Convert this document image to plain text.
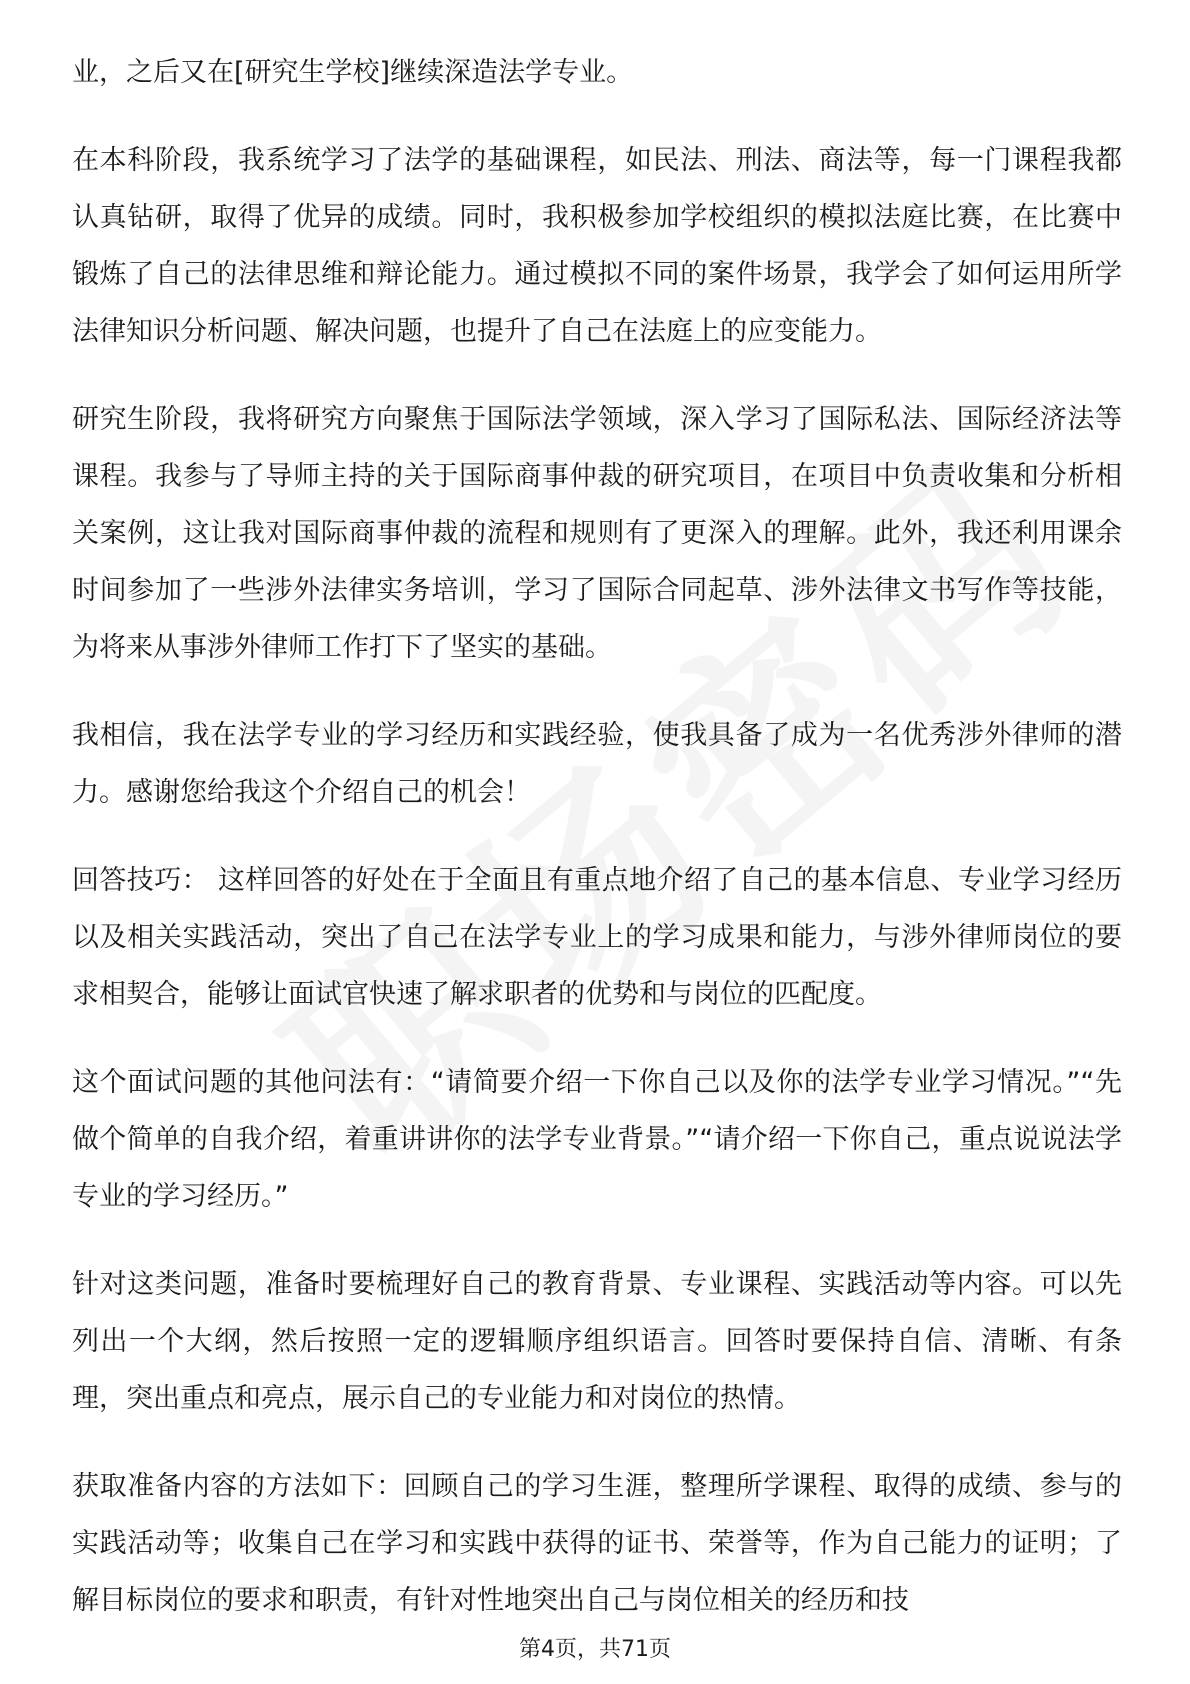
业，之后又在[研究生学校]继续深造法学专业。

在本科阶段，我系统学习了法学的基础课程，如民法、刑法、商法等，每一门课程我都认真钻研，取得了优异的成绩。同时，我积极参加学校组织的模拟法庭比赛，在比赛中锻炼了自己的法律思维和辩论能力。通过模拟不同的案件场景，我学会了如何运用所学法律知识分析问题、解决问题，也提升了自己在法庭上的应变能力。

研究生阶段，我将研究方向聚焦于国际法学领域，深入学习了国际私法、国际经济法等课程。我参与了导师主持的关于国际商事仲裁的研究项目，在项目中负责收集和分析相关案例，这让我对国际商事仲裁的流程和规则有了更深入的理解。此外，我还利用课余时间参加了一些涉外法律实务培训，学习了国际合同起草、涉外法律文书写作等技能，为将来从事涉外律师工作打下了坚实的基础。

我相信，我在法学专业的学习经历和实践经验，使我具备了成为一名优秀涉外律师的潜力。感谢您给我这个介绍自己的机会！

回答技巧： 这样回答的好处在于全面且有重点地介绍了自己的基本信息、专业学习经历以及相关实践活动，突出了自己在法学专业上的学习成果和能力，与涉外律师岗位的要求相契合，能够让面试官快速了解求职者的优势和与岗位的匹配度。

这个面试问题的其他问法有：“请简要介绍一下你自己以及你的法学专业学习情况。”“先做个简单的自我介绍，着重讲讲你的法学专业背景。”“请介绍一下你自己，重点说说法学专业的学习经历。”

针对这类问题，准备时要梳理好自己的教育背景、专业课程、实践活动等内容。可以先列出一个大纲，然后按照一定的逻辑顺序组织语言。回答时要保持自信、清晰、有条理，突出重点和亮点，展示自己的专业能力和对岗位的热情。

获取准备内容的方法如下：回顾自己的学习生涯，整理所学课程、取得的成绩、参与的实践活动等；收集自己在学习和实践中获得的证书、荣誉等，作为自己能力的证明；了解目标岗位的要求和职责，有针对性地突出自己与岗位相关的经历和技

第4页，共71页
